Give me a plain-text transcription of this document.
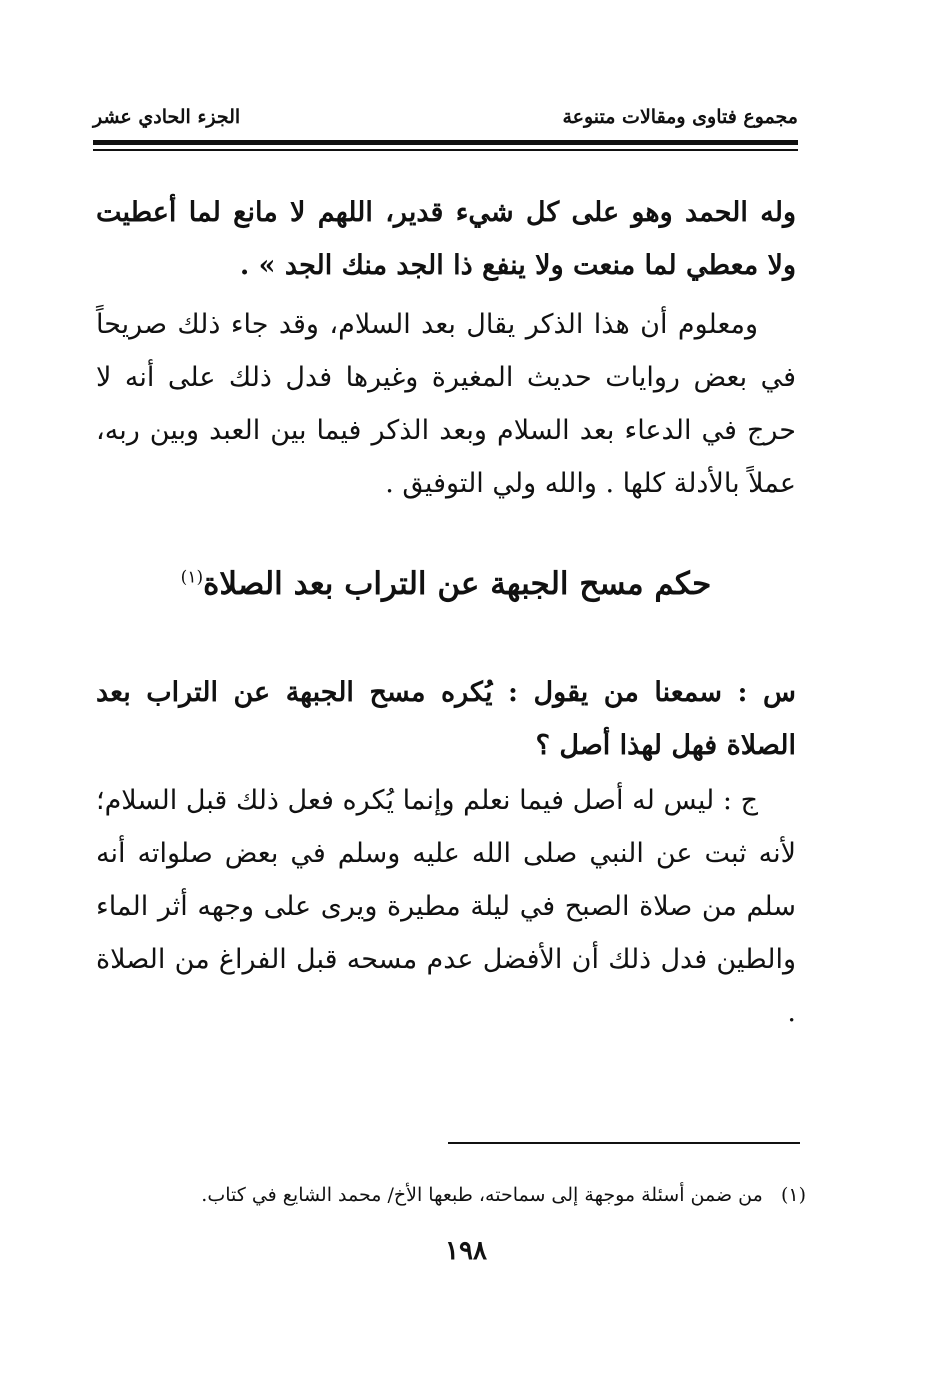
مجموع فتاوى ومقالات متنوعة
الجزء الحادي عشر
وله الحمد وهو على كل شيء قدير، اللهم لا مانع لما أعطيت ولا معطي لما منعت ولا ينفع ذا الجد منك الجد » .
ومعلوم أن هذا الذكر يقال بعد السلام، وقد جاء ذلك صريحاً في بعض روايات حديث المغيرة وغيرها فدل ذلك على أنه لا حرج في الدعاء بعد السلام وبعد الذكر فيما بين العبد وبين ربه، عملاً بالأدلة كلها . والله ولي التوفيق .
حكم مسح الجبهة عن التراب بعد الصلاة$^{(١)}$
س : سمعنا من يقول : يُكره مسح الجبهة عن التراب بعد الصلاة فهل لهذا أصل ؟
ج : ليس له أصل فيما نعلم وإنما يُكره فعل ذلك قبل السلام؛ لأنه ثبت عن النبي صلى الله عليه وسلم في بعض صلواته أنه سلم من صلاة الصبح في ليلة مطيرة ويرى على وجهه أثر الماء والطين فدل ذلك أن الأفضل عدم مسحه قبل الفراغ من الصلاة .
(١)   من ضمن أسئلة موجهة إلى سماحته، طبعها الأخ/ محمد الشايع في كتاب.
١٩٨
